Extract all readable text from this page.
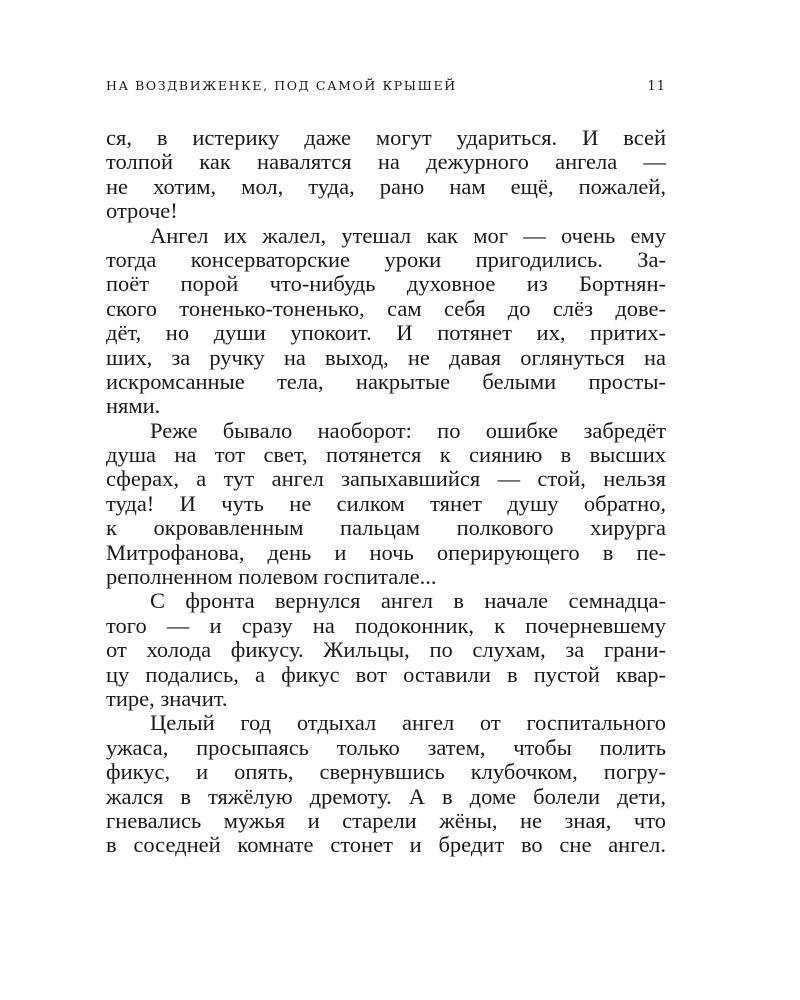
НА ВОЗДВИЖЕНКЕ, ПОД САМОЙ КРЫШЕЙ	11
ся, в истерику даже могут удариться. И всей
толпой как навалятся на дежурного ангела —
не хотим, мол, туда, рано нам ещё, пожалей,
отроче!
Ангел их жалел, утешал как мог — очень ему
тогда консерваторские уроки пригодились. За-
поёт порой что-нибудь духовное из Бортнян-
ского тоненько-тоненько, сам себя до слёз дове-
дёт, но души упокоит. И потянет их, притих-
ших, за ручку на выход, не давая оглянуться на
искромсанные тела, накрытые белыми просты-
нями.
Реже бывало наоборот: по ошибке забредёт
душа на тот свет, потянется к сиянию в высших
сферах, а тут ангел запыхавшийся — стой, нельзя
туда! И чуть не силком тянет душу обратно,
к окровавленным пальцам полкового хирурга
Митрофанова, день и ночь оперирующего в пе-
реполненном полевом госпитале...
С фронта вернулся ангел в начале семнадца-
того — и сразу на подоконник, к почерневшему
от холода фикусу. Жильцы, по слухам, за грани-
цу подались, а фикус вот оставили в пустой квар-
тире, значит.
Целый год отдыхал ангел от госпитального
ужаса, просыпаясь только затем, чтобы полить
фикус, и опять, свернувшись клубочком, погру-
жался в тяжёлую дремоту. А в доме болели дети,
гневались мужья и старели жёны, не зная, что
в соседней комнате стонет и бредит во сне ангел.
